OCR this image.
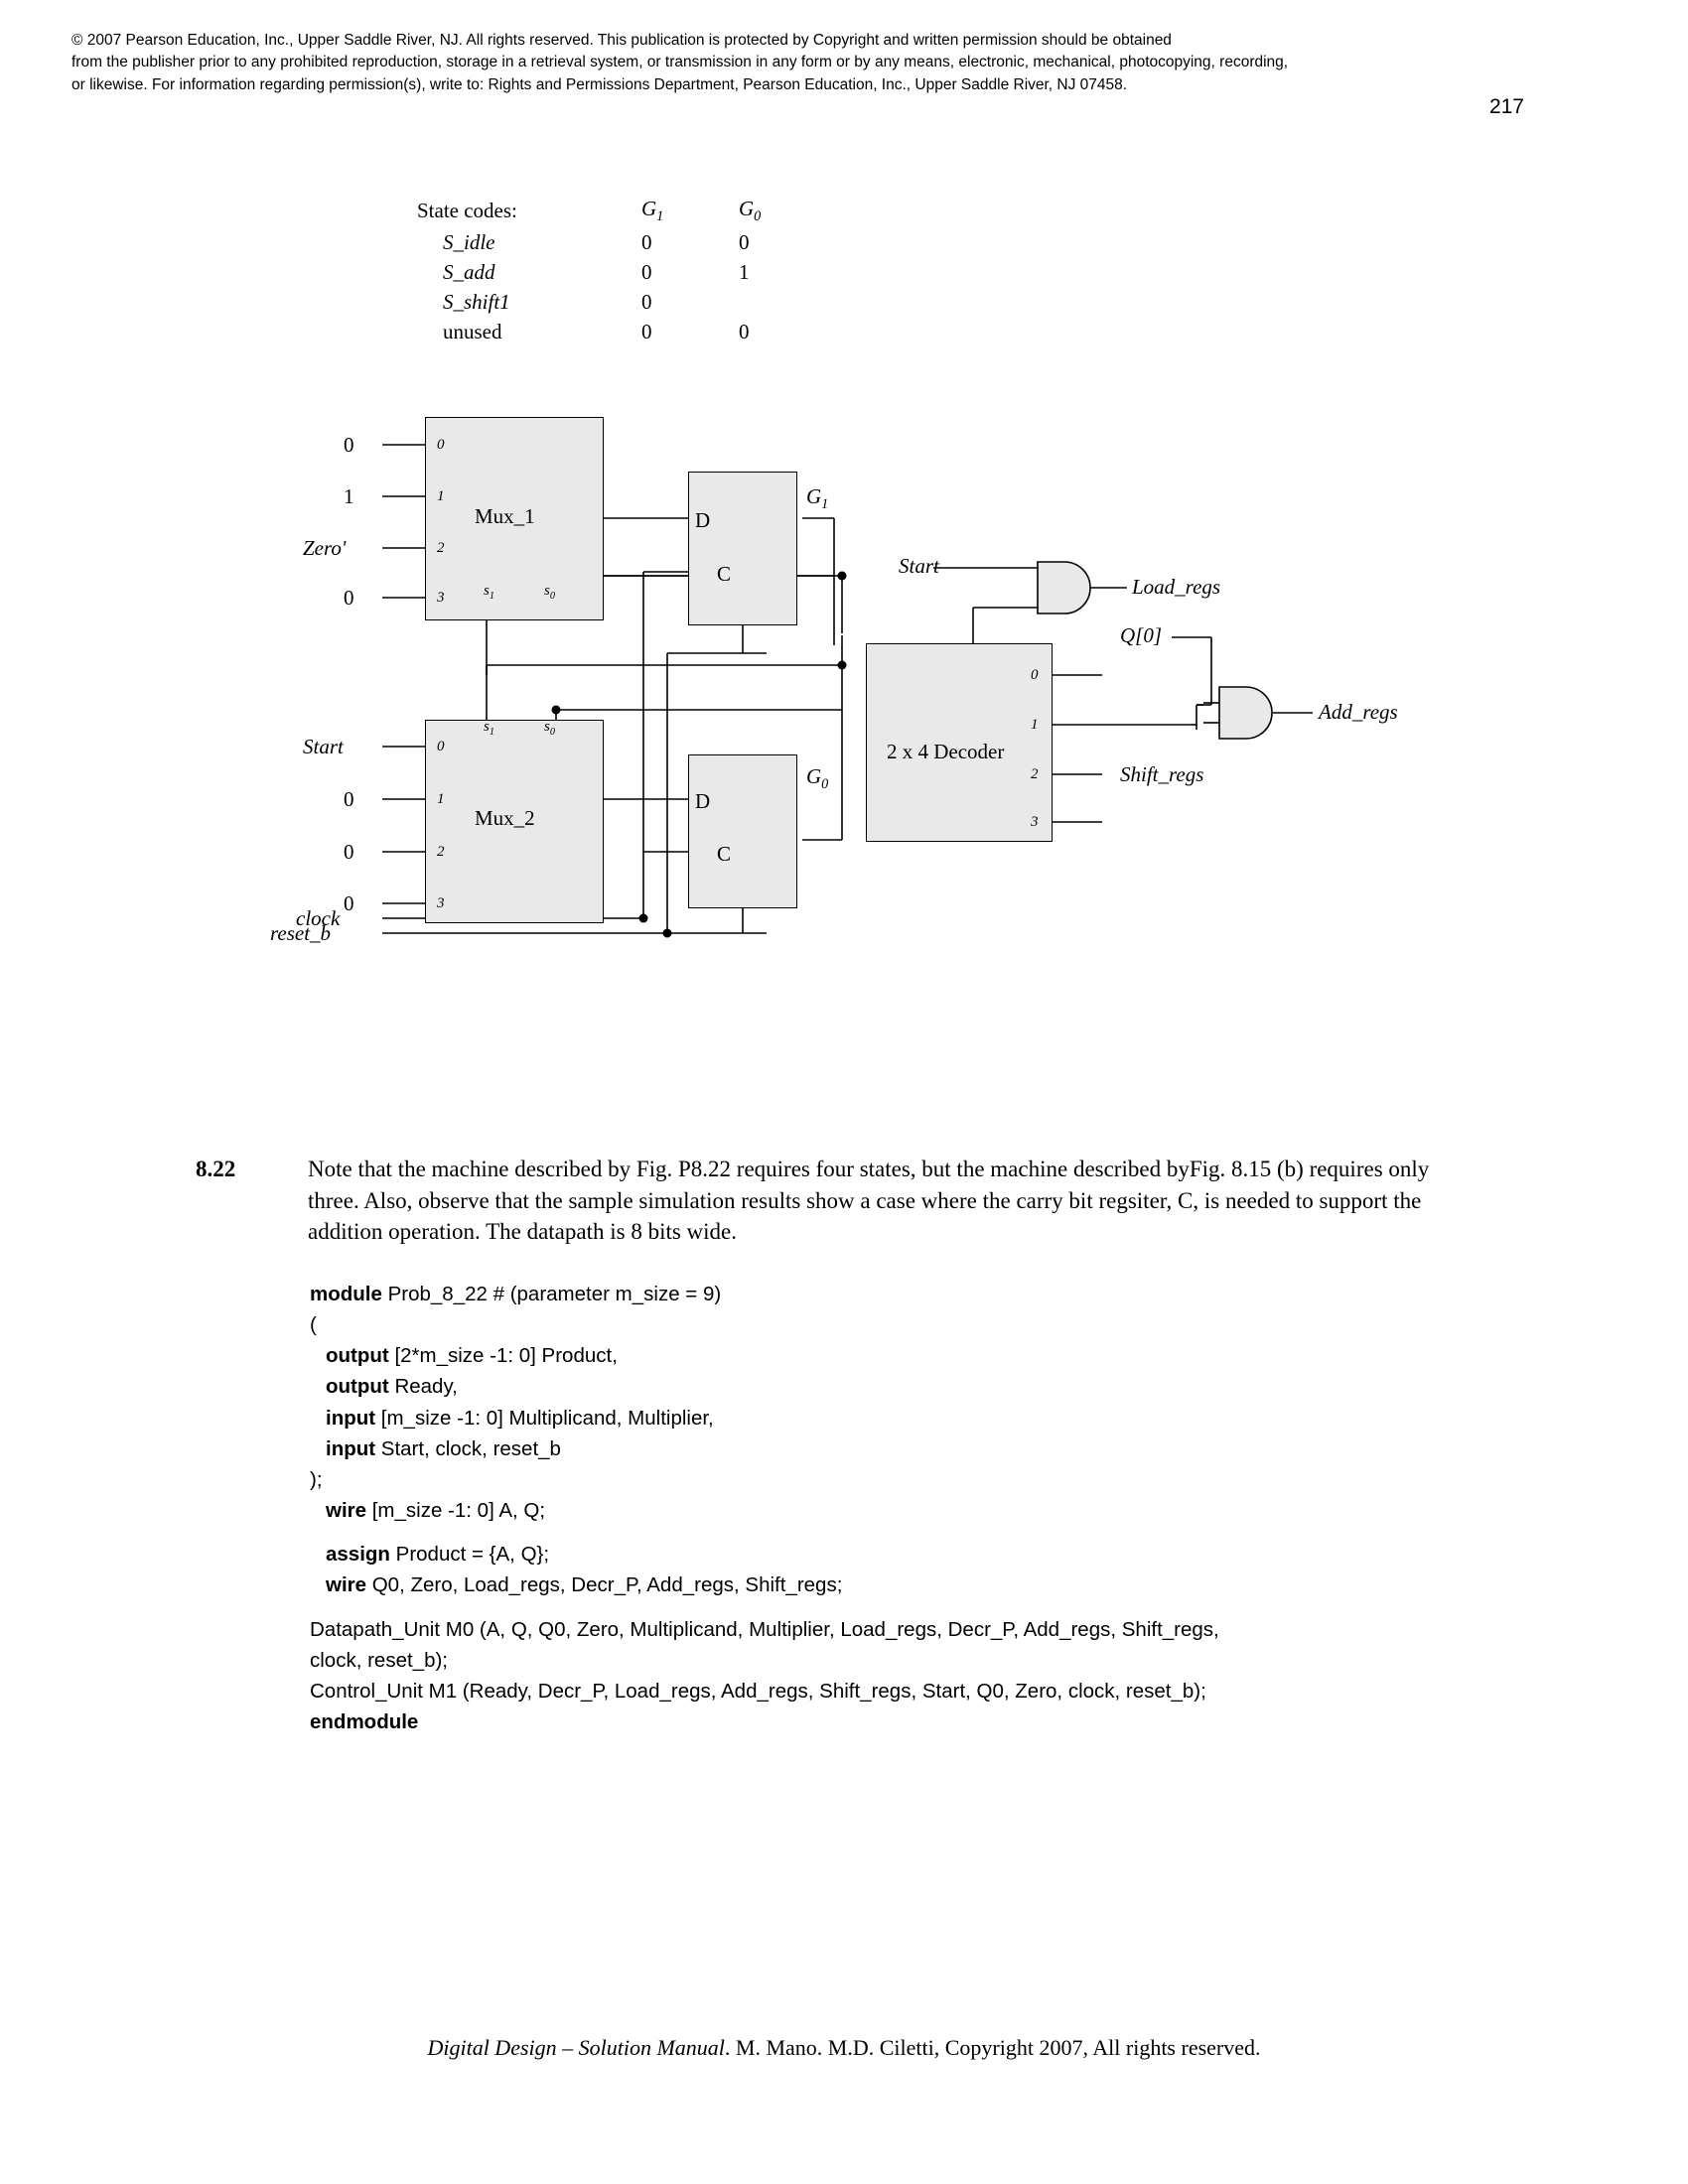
© 2007 Pearson Education, Inc., Upper Saddle River, NJ. All rights reserved. This publication is protected by Copyright and written permission should be obtained
from the publisher prior to any prohibited reproduction, storage in a retrieval system, or transmission in any form or by any means, electronic, mechanical, photocopying, recording,
or likewise. For information regarding permission(s), write to: Rights and Permissions Department, Pearson Education, Inc., Upper Saddle River, NJ 07458.
217
State codes:	$G_1$	$G_0$
S_idle	0	0
S_add	0	1
S_shift1	0	
unused	0	0
Mux_1
0
1
2
3
0
1
Zero'
0	$s_1$	$s_0$
D
C
$G_1$
Mux_2
0
1
2
3
Start
0
0
0
$s_1$	$s_0$
D
C
$G_0$
2 x 4 Decoder
0
1
2
3
Start
Load_regs
Q[0]
Add_regs
Shift_regs
clock
reset_b
8.22	Note that the machine described by Fig. P8.22 requires four states, but the machine described byFig. 8.15 (b) requires only three. Also, observe that the sample simulation results show a case where the carry bit regsiter, C, is needed to support the addition operation. The datapath is 8 bits wide.
module Prob_8_22 # (parameter m_size = 9)
(
output [2*m_size -1: 0] Product,
output Ready,
input [m_size -1: 0] Multiplicand, Multiplier,
input Start, clock, reset_b
);
wire [m_size -1: 0] A, Q;
assign Product = {A, Q};
wire Q0, Zero, Load_regs, Decr_P, Add_regs, Shift_regs;
Datapath_Unit M0 (A, Q, Q0, Zero, Multiplicand, Multiplier, Load_regs, Decr_P, Add_regs, Shift_regs,
clock, reset_b);
Control_Unit M1 (Ready, Decr_P, Load_regs, Add_regs, Shift_regs, Start, Q0, Zero, clock, reset_b);
endmodule
Digital Design – Solution Manual. M. Mano. M.D. Ciletti, Copyright 2007, All rights reserved.
